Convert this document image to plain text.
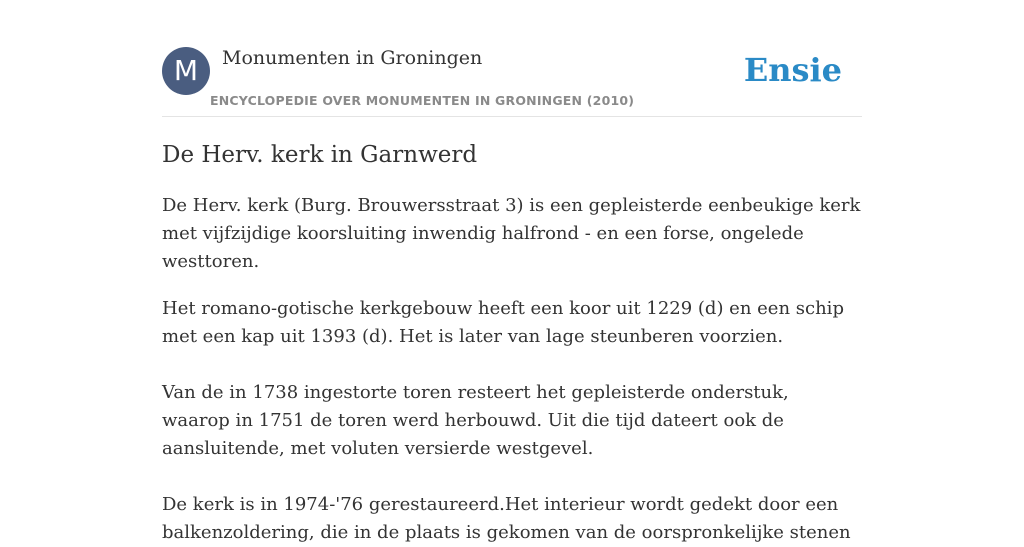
M	Monumenten in Groningen
ENCYCLOPEDIE OVER MONUMENTEN IN GRONINGEN (2010)
Ensie
De Herv. kerk in Garnwerd

De Herv. kerk (Burg. Brouwersstraat 3) is een gepleisterde eenbeukige kerk met vijfzijdige koorsluiting inwendig halfrond - en een forse, ongelede westtoren.

Het romano-gotische kerkgebouw heeft een koor uit 1229 (d) en een schip met een kap uit 1393 (d). Het is later van lage steunberen voorzien.

Van de in 1738 ingestorte toren resteert het gepleisterde onderstuk, waarop in 1751 de toren werd herbouwd. Uit die tijd dateert ook de aansluitende, met voluten versierde westgevel.

De kerk is in 1974-'76 gerestaureerd.Het interieur wordt gedekt door een balkenzoldering, die in de plaats is gekomen van de oorspronkelijke stenen
